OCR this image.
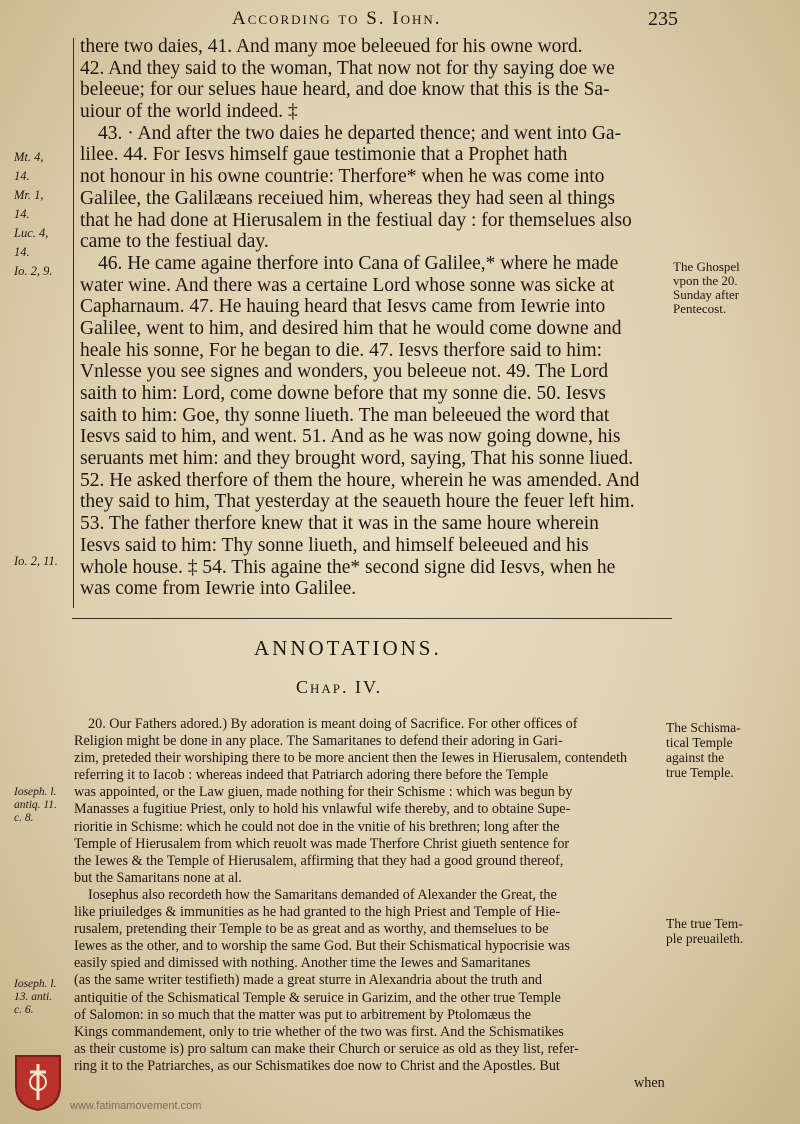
According to S. Iohn.	235
there two daies, 41. And many moe beleeued for his owne word.
42. And they said to the woman, That now not for thy saying doe we
beleeue; for our selues haue heard, and doe know that this is the Sa-
uiour of the world indeed. ‡
43. · And after the two daies he departed thence; and went into Ga-
lilee. 44. For Iesvs himself gaue testimonie that a Prophet hath
not honour in his owne countrie: Therfore* when he was come into
Galilee, the Galilæans receiued him, whereas they had seen al things
that he had done at Hierusalem in the festiual day : for themselues also
came to the festiual day.
46. He came againe therfore into Cana of Galilee,* where he made
water wine. And there was a certaine Lord whose sonne was sicke at
Capharnaum. 47. He hauing heard that Iesvs came from Iewrie into
Galilee, went to him, and desired him that he would come downe and
heale his sonne, For he began to die. 47. Iesvs therfore said to him:
Vnlesse you see signes and wonders, you beleeue not. 49. The Lord
saith to him: Lord, come downe before that my sonne die. 50. Iesvs
saith to him: Goe, thy sonne liueth. The man beleeued the word that
Iesvs said to him, and went. 51. And as he was now going downe, his
seruants met him: and they brought word, saying, That his sonne liued.
52. He asked therfore of them the houre, wherein he was amended. And
they said to him, That yesterday at the seaueth houre the feuer left him.
53. The father therfore knew that it was in the same houre wherein
Iesvs said to him: Thy sonne liueth, and himself beleeued and his
whole house. ‡ 54. This againe the* second signe did Iesvs, when he
was come from Iewrie into Galilee.
Mt. 4,
14.
Mr. 1,
14.
Luc. 4,
14.
Io. 2, 9.
Io. 2, 11.
The Ghospel
vpon the 20.
Sunday after
Pentecost.
ANNOTATIONS.
Chap. IV.
20. Our Fathers adored.) By adoration is meant doing of Sacrifice. For other offices of
Religion might be done in any place. The Samaritanes to defend their adoring in Gari-
zim, preteded their worshiping there to be more ancient then the Iewes in Hierusalem, contendeth
referring it to Iacob : whereas indeed that Patriarch adoring there before the Temple
was appointed, or the Law giuen, made nothing for their Schisme : which was begun by
Manasses a fugitiue Priest, only to hold his vnlawful wife thereby, and to obtaine Supe-
rioritie in Schisme: which he could not doe in the vnitie of his brethren; long after the
Temple of Hierusalem from which reuolt was made Therfore Christ giueth sentence for
the Iewes & the Temple of Hierusalem, affirming that they had a good ground thereof,
but the Samaritans none at al.
Iosephus also recordeth how the Samaritans demanded of Alexander the Great, the
like priuiledges & immunities as he had granted to the high Priest and Temple of Hie-
rusalem, pretending their Temple to be as great and as worthy, and themselues to be
Iewes as the other, and to worship the same God. But their Schismatical hypocrisie was
easily spied and dimissed with nothing. Another time the Iewes and Samaritanes
(as the same writer testifieth) made a great sturre in Alexandria about the truth and
antiquitie of the Schismatical Temple & seruice in Garizim, and the other true Temple
of Salomon: in so much that the matter was put to arbitrement by Ptolomæus the
Kings commandement, only to trie whether of the two was first. And the Schismatikes
as their custome is) pro saltum can make their Church or seruice as old as they list, refer-
ring it to the Patriarches, as our Schismatikes doe now to Christ and the Apostles. But
when
Ioseph. l.
antiq. 11.
c. 8.
Ioseph. l.
13. anti.
c. 6.
The Schisma-
tical Temple
against the
true Temple.
The true Tem-
ple preuaileth.
www.fatimamovement.com
